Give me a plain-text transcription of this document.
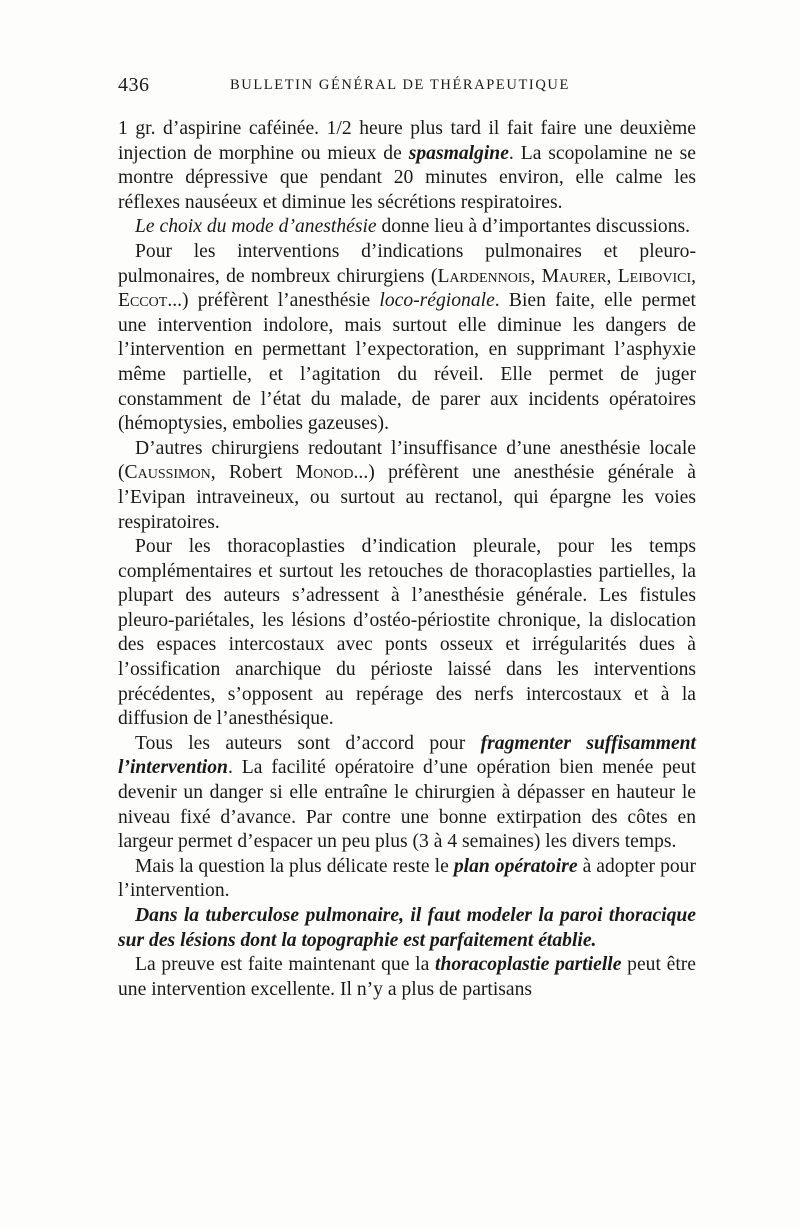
436	BULLETIN GÉNÉRAL DE THÉRAPEUTIQUE

1 gr. d’aspirine caféinée. 1/2 heure plus tard il fait faire une deuxième injection de morphine ou mieux de spasmalgine. La scopolamine ne se montre dépressive que pendant 20 minutes environ, elle calme les réflexes nauséeux et diminue les sécrétions respiratoires.

Le choix du mode d’anesthésie donne lieu à d’importantes discussions.

Pour les interventions d’indications pulmonaires et pleuro-pulmonaires, de nombreux chirurgiens (Lardennois, Maurer, Leibovici, Eccot...) préfèrent l’anesthésie loco-régionale. Bien faite, elle permet une intervention indolore, mais surtout elle diminue les dangers de l’intervention en permettant l’expectoration, en supprimant l’asphyxie même partielle, et l’agitation du réveil. Elle permet de juger constamment de l’état du malade, de parer aux incidents opératoires (hémoptysies, embolies gazeuses).

D’autres chirurgiens redoutant l’insuffisance d’une anesthésie locale (Caussimon, Robert Monod...) préfèrent une anesthésie générale à l’Evipan intraveineux, ou surtout au rectanol, qui épargne les voies respiratoires.

Pour les thoracoplasties d’indication pleurale, pour les temps complémentaires et surtout les retouches de thoracoplasties partielles, la plupart des auteurs s’adressent à l’anesthésie générale. Les fistules pleuro-pariétales, les lésions d’ostéo-périostite chronique, la dislocation des espaces intercostaux avec ponts osseux et irrégularités dues à l’ossification anarchique du périoste laissé dans les interventions précédentes, s’opposent au repérage des nerfs intercostaux et à la diffusion de l’anesthésique.

Tous les auteurs sont d’accord pour fragmenter suffisamment l’intervention. La facilité opératoire d’une opération bien menée peut devenir un danger si elle entraîne le chirurgien à dépasser en hauteur le niveau fixé d’avance. Par contre une bonne extirpation des côtes en largeur permet d’espacer un peu plus (3 à 4 semaines) les divers temps.

Mais la question la plus délicate reste le plan opératoire à adopter pour l’intervention.

Dans la tuberculose pulmonaire, il faut modeler la paroi thoracique sur des lésions dont la topographie est parfaitement établie.

La preuve est faite maintenant que la thoracoplastie partielle peut être une intervention excellente. Il n’y a plus de partisans
